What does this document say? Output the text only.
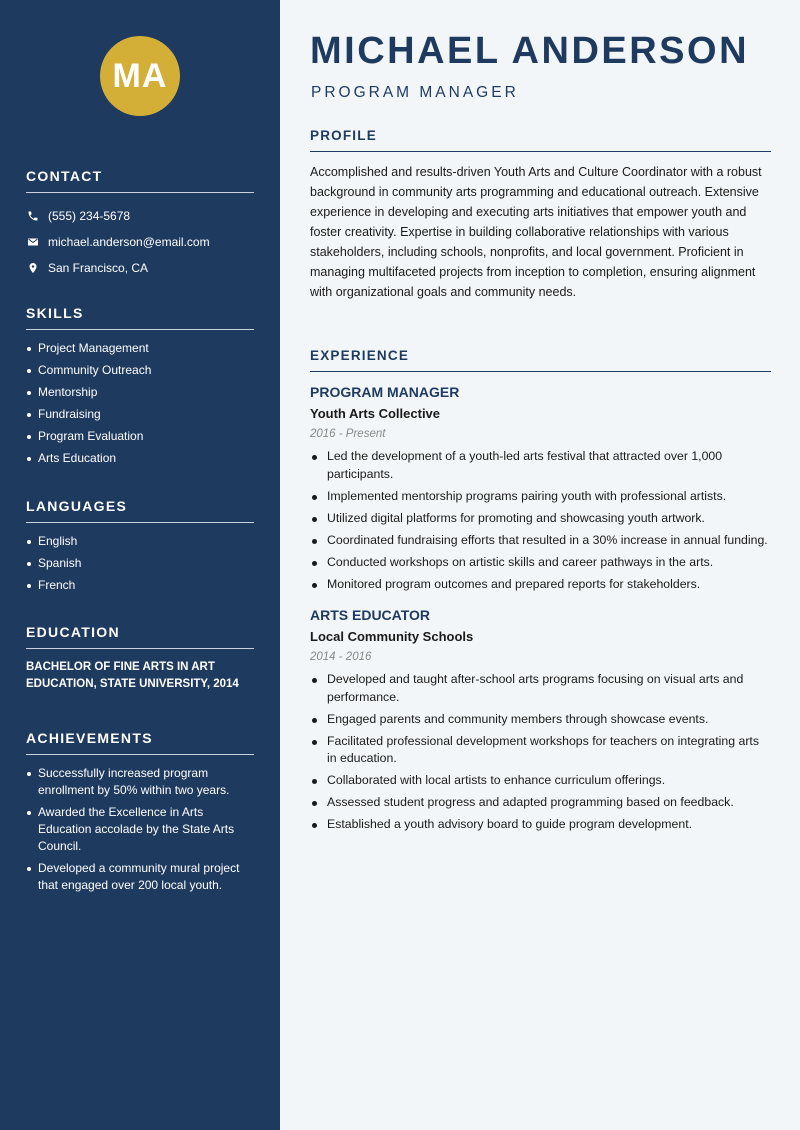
MA
CONTACT
(555) 234-5678
michael.anderson@email.com
San Francisco, CA
SKILLS
Project Management
Community Outreach
Mentorship
Fundraising
Program Evaluation
Arts Education
LANGUAGES
English
Spanish
French
EDUCATION
BACHELOR OF FINE ARTS IN ART EDUCATION, STATE UNIVERSITY, 2014
ACHIEVEMENTS
Successfully increased program enrollment by 50% within two years.
Awarded the Excellence in Arts Education accolade by the State Arts Council.
Developed a community mural project that engaged over 200 local youth.
MICHAEL ANDERSON
PROGRAM MANAGER
PROFILE
Accomplished and results-driven Youth Arts and Culture Coordinator with a robust background in community arts programming and educational outreach. Extensive experience in developing and executing arts initiatives that empower youth and foster creativity. Expertise in building collaborative relationships with various stakeholders, including schools, nonprofits, and local government. Proficient in managing multifaceted projects from inception to completion, ensuring alignment with organizational goals and community needs.
EXPERIENCE
PROGRAM MANAGER
Youth Arts Collective
2016 - Present
Led the development of a youth-led arts festival that attracted over 1,000 participants.
Implemented mentorship programs pairing youth with professional artists.
Utilized digital platforms for promoting and showcasing youth artwork.
Coordinated fundraising efforts that resulted in a 30% increase in annual funding.
Conducted workshops on artistic skills and career pathways in the arts.
Monitored program outcomes and prepared reports for stakeholders.
ARTS EDUCATOR
Local Community Schools
2014 - 2016
Developed and taught after-school arts programs focusing on visual arts and performance.
Engaged parents and community members through showcase events.
Facilitated professional development workshops for teachers on integrating arts in education.
Collaborated with local artists to enhance curriculum offerings.
Assessed student progress and adapted programming based on feedback.
Established a youth advisory board to guide program development.
